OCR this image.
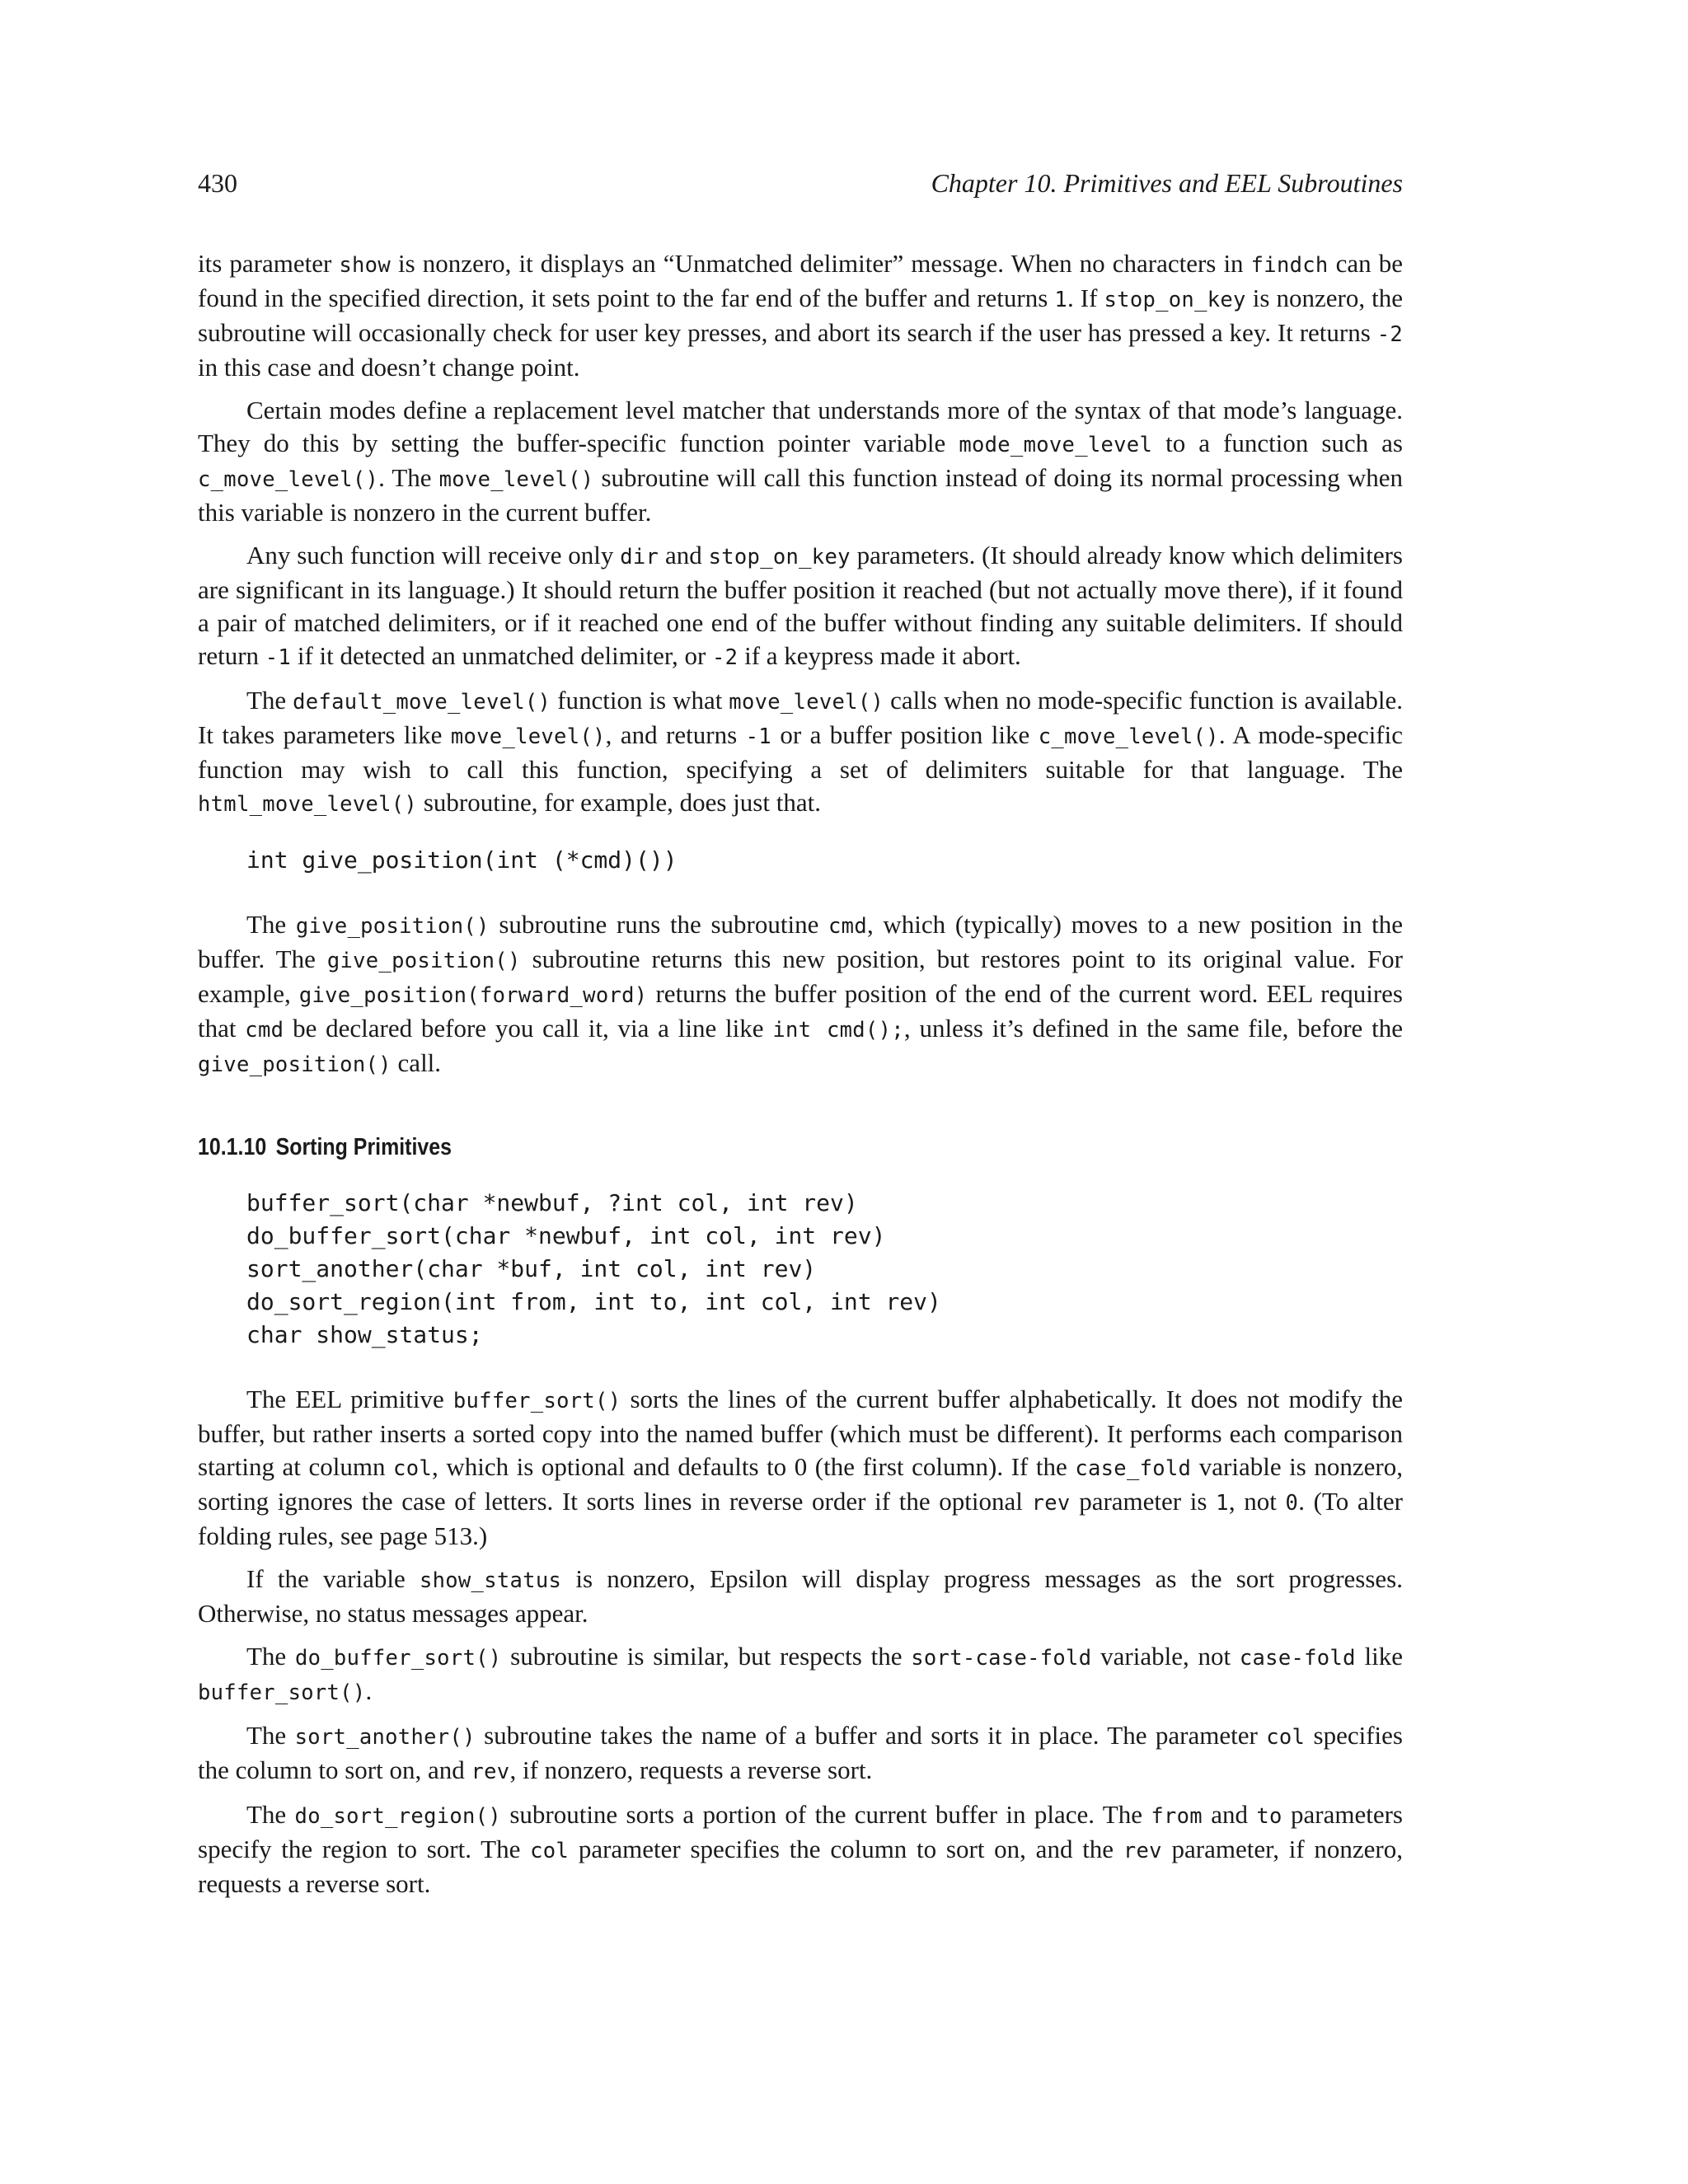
430	Chapter 10. Primitives and EEL Subroutines

its parameter show is nonzero, it displays an “Unmatched delimiter” message. When no characters in findch can be found in the specified direction, it sets point to the far end of the buffer and returns 1. If stop_on_key is nonzero, the subroutine will occasionally check for user key presses, and abort its search if the user has pressed a key. It returns -2 in this case and doesn’t change point.

Certain modes define a replacement level matcher that understands more of the syntax of that mode’s language. They do this by setting the buffer-specific function pointer variable mode_move_level to a function such as c_move_level(). The move_level() subroutine will call this function instead of doing its normal processing when this variable is nonzero in the current buffer.

Any such function will receive only dir and stop_on_key parameters. (It should already know which delimiters are significant in its language.) It should return the buffer position it reached (but not actually move there), if it found a pair of matched delimiters, or if it reached one end of the buffer without finding any suitable delimiters. If should return -1 if it detected an unmatched delimiter, or -2 if a keypress made it abort.

The default_move_level() function is what move_level() calls when no mode-specific function is available. It takes parameters like move_level(), and returns -1 or a buffer position like c_move_level(). A mode-specific function may wish to call this function, specifying a set of delimiters suitable for that language. The html_move_level() subroutine, for example, does just that.

int give_position(int (*cmd)())

The give_position() subroutine runs the subroutine cmd, which (typically) moves to a new position in the buffer. The give_position() subroutine returns this new position, but restores point to its original value. For example, give_position(forward_word) returns the buffer position of the end of the current word. EEL requires that cmd be declared before you call it, via a line like int cmd();, unless it’s defined in the same file, before the give_position() call.

10.1.10 Sorting Primitives
buffer_sort(char *newbuf, ?int col, int rev)
do_buffer_sort(char *newbuf, int col, int rev)
sort_another(char *buf, int col, int rev)
do_sort_region(int from, int to, int col, int rev)
char show_status;

The EEL primitive buffer_sort() sorts the lines of the current buffer alphabetically. It does not modify the buffer, but rather inserts a sorted copy into the named buffer (which must be different). It performs each comparison starting at column col, which is optional and defaults to 0 (the first column). If the case_fold variable is nonzero, sorting ignores the case of letters. It sorts lines in reverse order if the optional rev parameter is 1, not 0. (To alter folding rules, see page 513.)

If the variable show_status is nonzero, Epsilon will display progress messages as the sort progresses. Otherwise, no status messages appear.

The do_buffer_sort() subroutine is similar, but respects the sort-case-fold variable, not case-fold like buffer_sort().

The sort_another() subroutine takes the name of a buffer and sorts it in place. The parameter col specifies the column to sort on, and rev, if nonzero, requests a reverse sort.

The do_sort_region() subroutine sorts a portion of the current buffer in place. The from and to parameters specify the region to sort. The col parameter specifies the column to sort on, and the rev parameter, if nonzero, requests a reverse sort.
